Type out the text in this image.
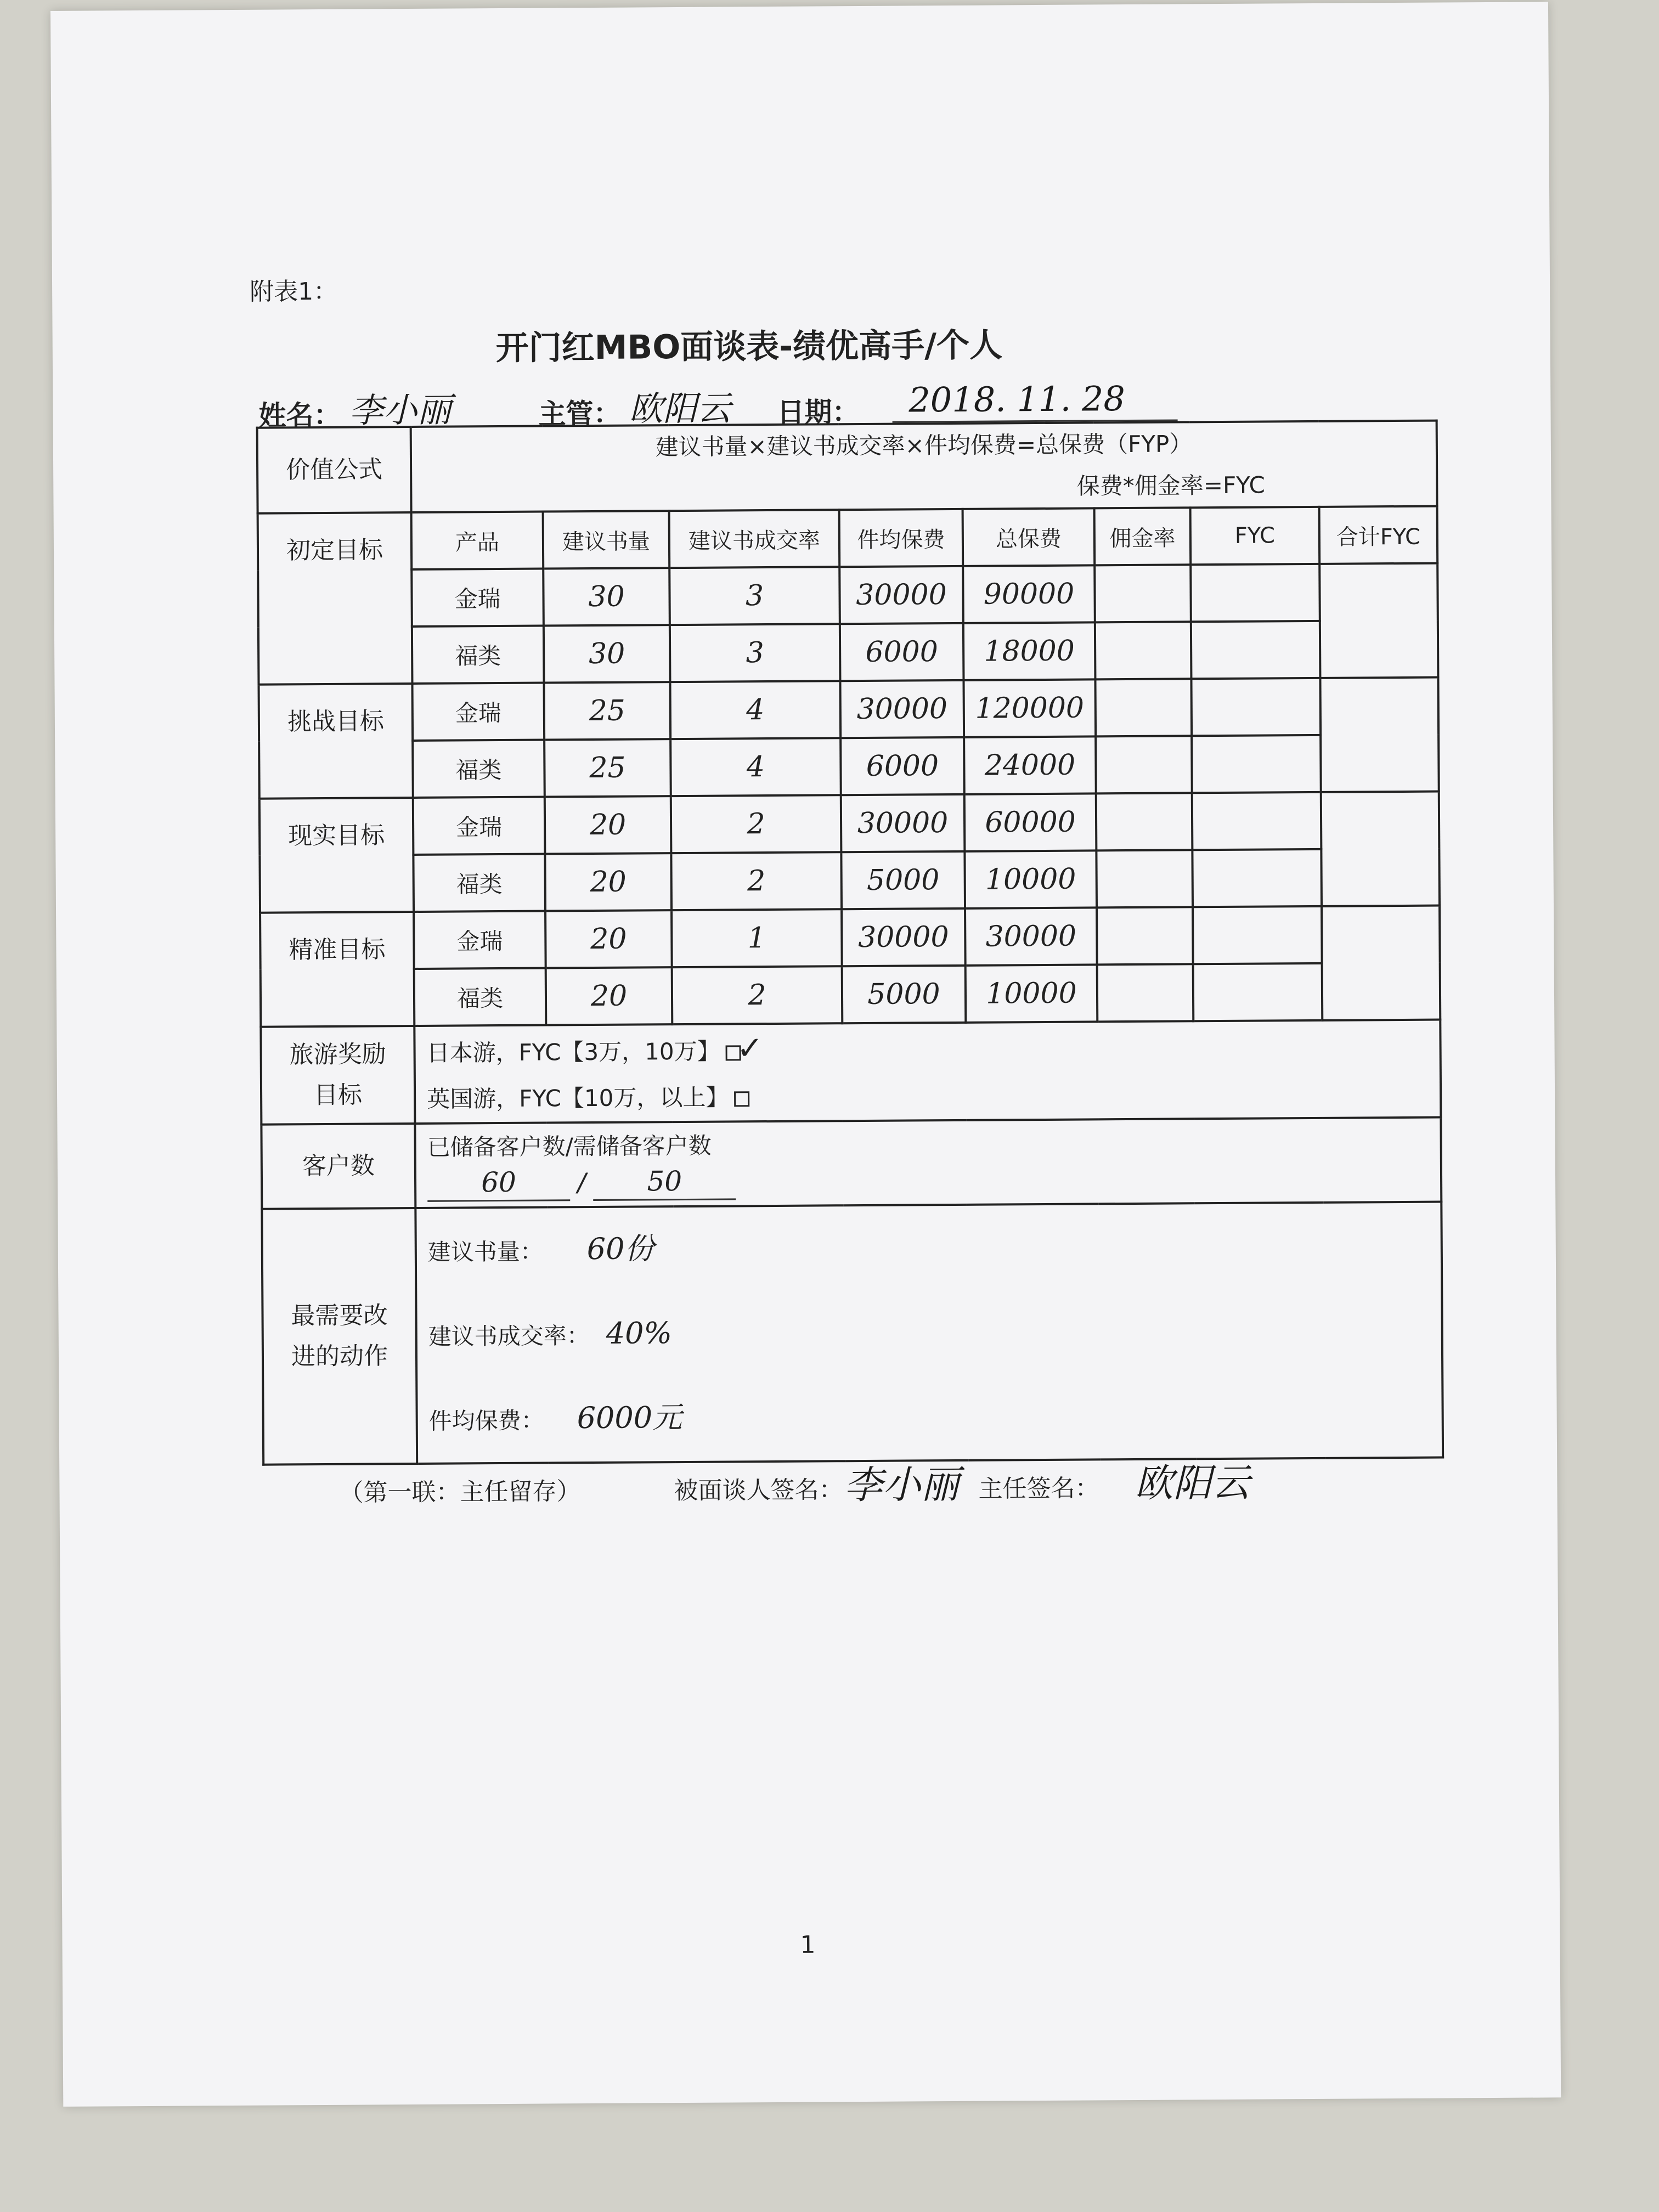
附表1：
开门红MBO面谈表-绩优高手/个人
姓名： 李小丽	主管： 欧阳云 日期： 2018. 11. 28
价值公式	建议书量×建议书成交率×件均保费=总保费（FYP）
保费*佣金率=FYC							

初定目标	产品	建议书量	建议书成交率	件均保费	总保费	佣金率	FYC	合计FYC
	金瑞	30	3	30000	90000			
	福类	30	3	6000	18000			
挑战目标	金瑞	25	4	30000	120000			
	福类	25	4	6000	24000			
现实目标	金瑞	20	2	30000	60000			
	福类	20	2	5000	10000			
精准目标	金瑞	20	1	30000	30000			
	福类	20	2	5000	10000			
旅游奖励目标	日本游，FYC【3万，10万】 ✓
英国游，FYC【10万，以上】							

客户数	已储备客户数/需储备客户数
60 / 50							

最需要改进的动作	建议书量： 60份
建议书成交率： 40%
件均保费： 6000元							
（第一联：主任留存）	被面谈人签名： 李小丽 主任签名： 欧阳云
1
